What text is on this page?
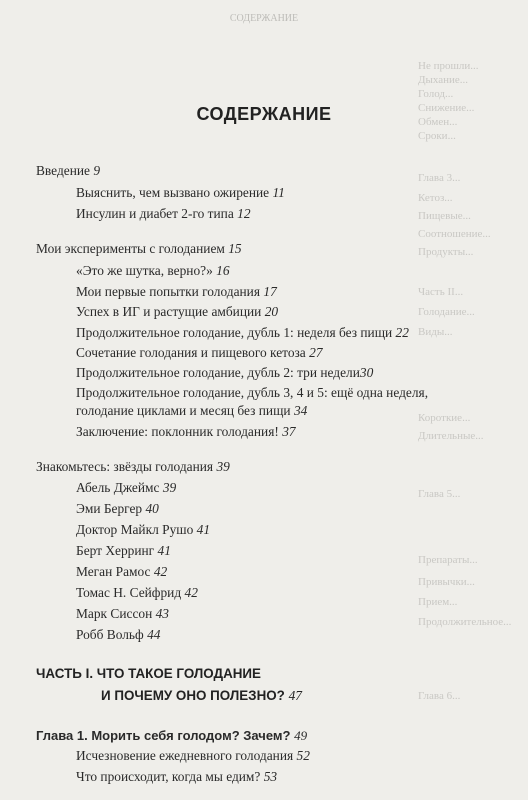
СОДЕРЖАНИЕ
Не прошли...
Дыхание...
Голод...
Снижение...
Обмен...
Сроки...
Глава 3...
Кетоз...
Пищевые...
Соотношение...
Продукты...
Часть II...
Голодание...
Виды...
Короткие...
Длительные...
Глава 5...
Препараты...
Привычки...
Прием...
Продолжительное...
Глава 6...
СОДЕРЖАНИЕ
Введение 9
Выяснить, чем вызвано ожирение 11
Инсулин и диабет 2-го типа 12
Мои эксперименты с голоданием 15
«Это же шутка, верно?» 16
Мои первые попытки голодания 17
Успех в ИГ и растущие амбиции 20
Продолжительное голодание, дубль 1: неделя без пищи 22
Сочетание голодания и пищевого кетоза 27
Продолжительное голодание, дубль 2: три недели30
Продолжительное голодание, дубль 3, 4 и 5: ещё одна неделя,
голодание циклами и месяц без пищи 34
Заключение: поклонник голодания! 37
Знакомьтесь: звёзды голодания 39
Абель Джеймс 39
Эми Бергер 40
Доктор Майкл Рушо 41
Берт Херринг 41
Меган Рамос 42
Томас Н. Сейфрид 42
Марк Сиссон 43
Робб Вольф 44
ЧАСТЬ I. ЧТО ТАКОЕ ГОЛОДАНИЕ
И ПОЧЕМУ ОНО ПОЛЕЗНО? 47
Глава 1. Морить себя голодом? Зачем? 49
Исчезновение ежедневного голодания 52
Что происходит, когда мы едим? 53
